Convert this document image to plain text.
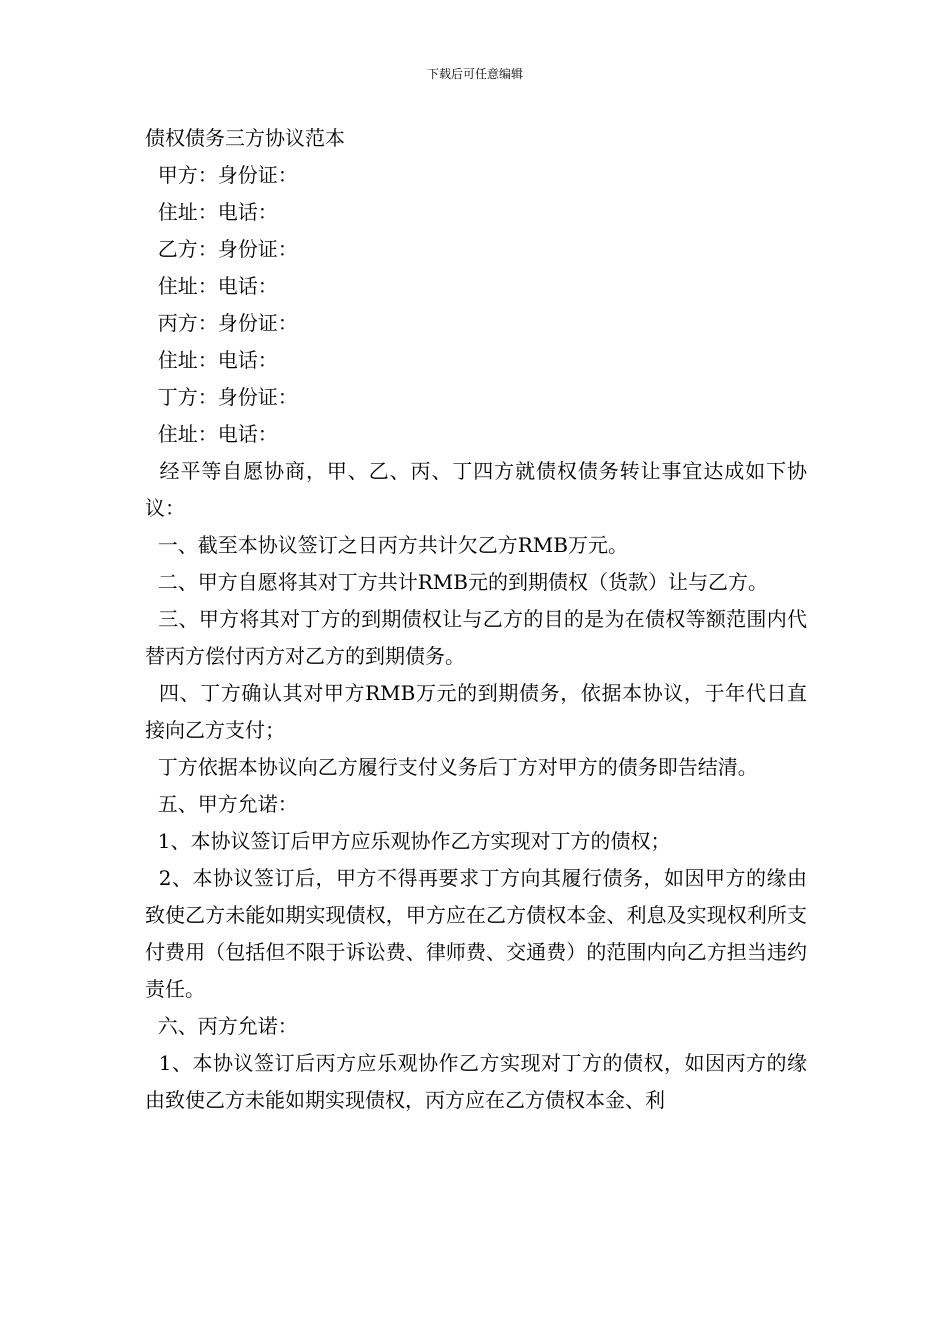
下载后可任意编辑

债权债务三方协议范本

甲方：身份证：

住址：电话：

乙方：身份证：

住址：电话：

丙方：身份证：

住址：电话：

丁方：身份证：

住址：电话：

经平等自愿协商，甲、乙、丙、丁四方就债权债务转让事宜达成如下协议：

一、截至本协议签订之日丙方共计欠乙方RMB万元。

二、甲方自愿将其对丁方共计RMB元的到期债权（货款）让与乙方。

三、甲方将其对丁方的到期债权让与乙方的目的是为在债权等额范围内代替丙方偿付丙方对乙方的到期债务。

四、丁方确认其对甲方RMB万元的到期债务，依据本协议，于年代日直接向乙方支付；

丁方依据本协议向乙方履行支付义务后丁方对甲方的债务即告结清。

五、甲方允诺：

1、本协议签订后甲方应乐观协作乙方实现对丁方的债权；

2、本协议签订后，甲方不得再要求丁方向其履行债务，如因甲方的缘由致使乙方未能如期实现债权，甲方应在乙方债权本金、利息及实现权利所支付费用（包括但不限于诉讼费、律师费、交通费）的范围内向乙方担当违约责任。

六、丙方允诺：

1、本协议签订后丙方应乐观协作乙方实现对丁方的债权，如因丙方的缘由致使乙方未能如期实现债权，丙方应在乙方债权本金、利
